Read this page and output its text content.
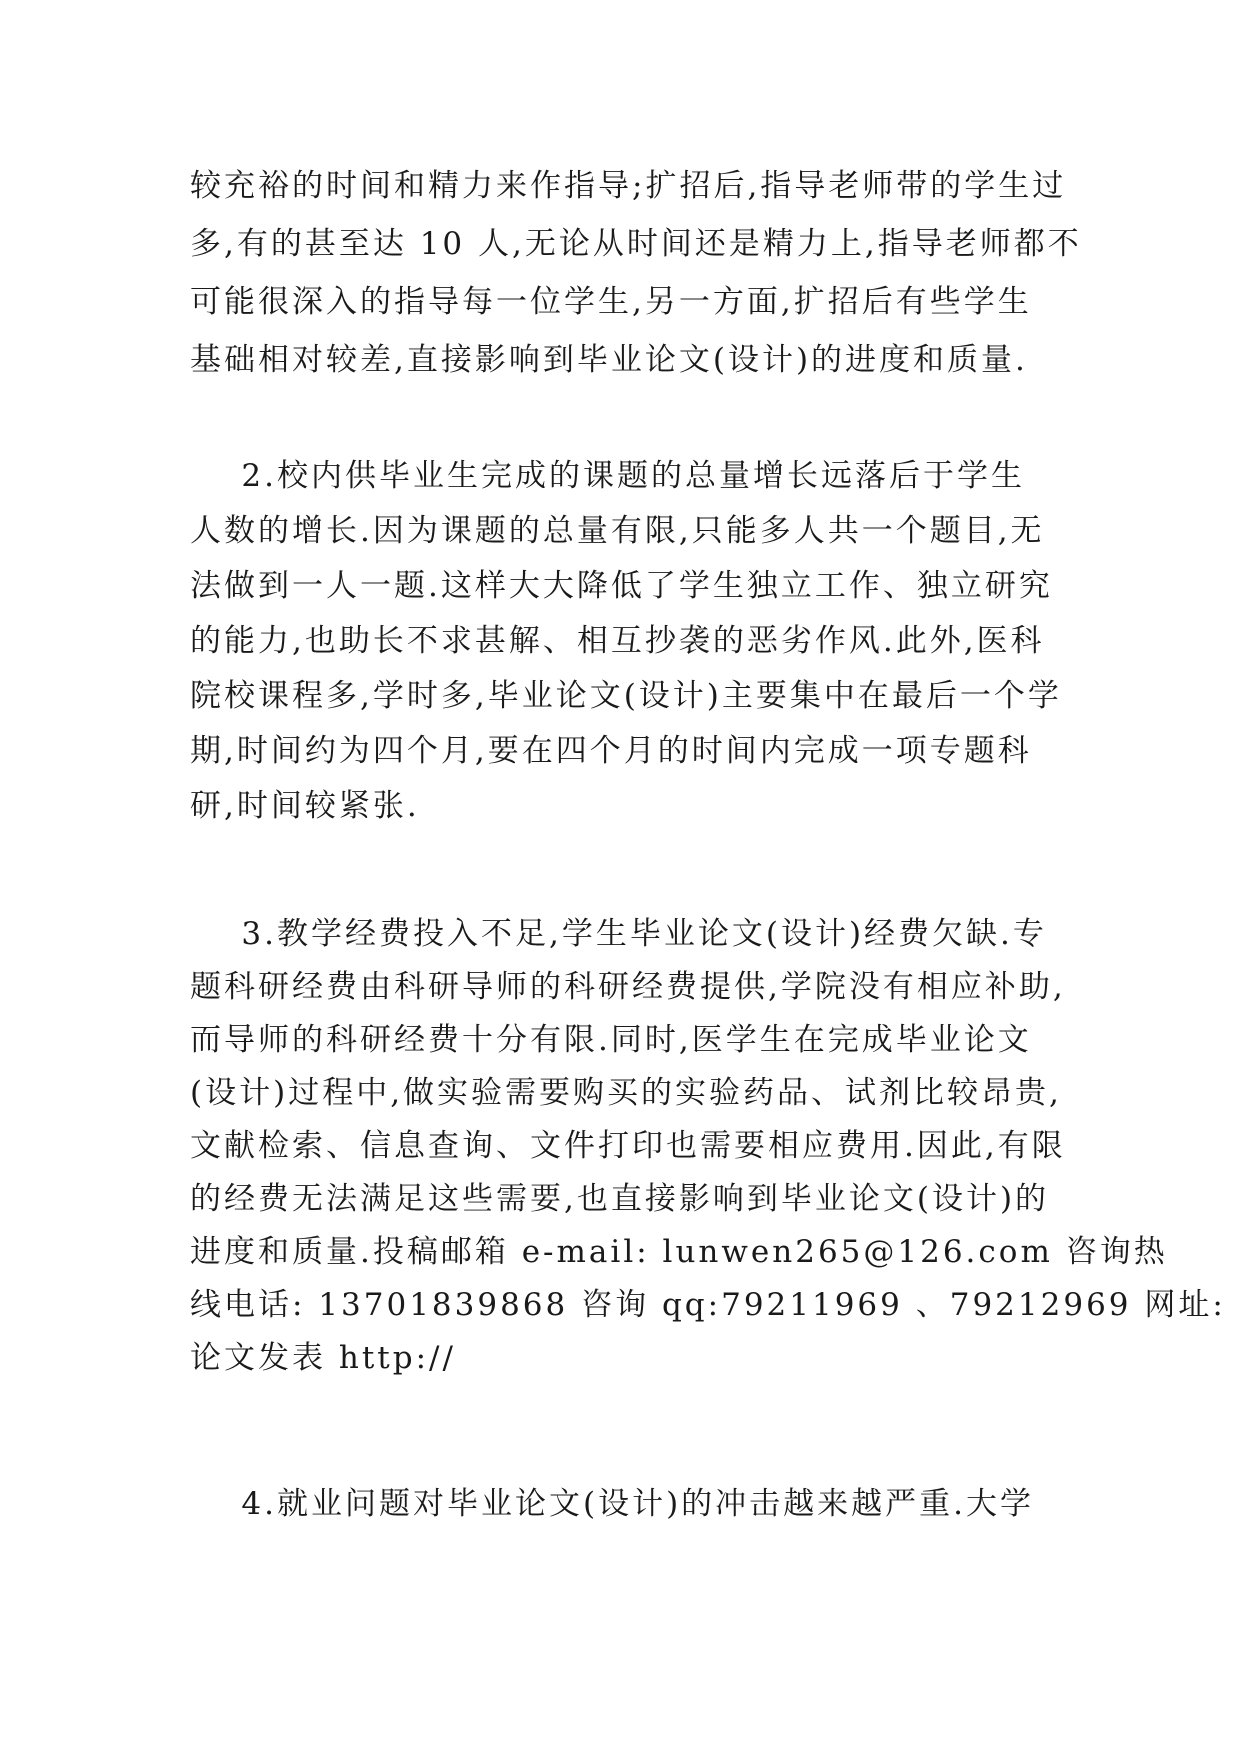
较充裕的时间和精力来作指导;扩招后,指导老师带的学生过
多,有的甚至达 10 人,无论从时间还是精力上,指导老师都不
可能很深入的指导每一位学生,另一方面,扩招后有些学生
基础相对较差,直接影响到毕业论文(设计)的进度和质量.
2.校内供毕业生完成的课题的总量增长远落后于学生
人数的增长.因为课题的总量有限,只能多人共一个题目,无
法做到一人一题.这样大大降低了学生独立工作、独立研究
的能力,也助长不求甚解、相互抄袭的恶劣作风.此外,医科
院校课程多,学时多,毕业论文(设计)主要集中在最后一个学
期,时间约为四个月,要在四个月的时间内完成一项专题科
研,时间较紧张.
3.教学经费投入不足,学生毕业论文(设计)经费欠缺.专
题科研经费由科研导师的科研经费提供,学院没有相应补助,
而导师的科研经费十分有限.同时,医学生在完成毕业论文
(设计)过程中,做实验需要购买的实验药品、试剂比较昂贵,
文献检索、信息查询、文件打印也需要相应费用.因此,有限
的经费无法满足这些需要,也直接影响到毕业论文(设计)的
进度和质量.投稿邮箱 e-mail: lunwen265@126.com 咨询热
线电话: 13701839868 咨询 qq:79211969 、79212969 网址:
论文发表 http://
4.就业问题对毕业论文(设计)的冲击越来越严重.大学
